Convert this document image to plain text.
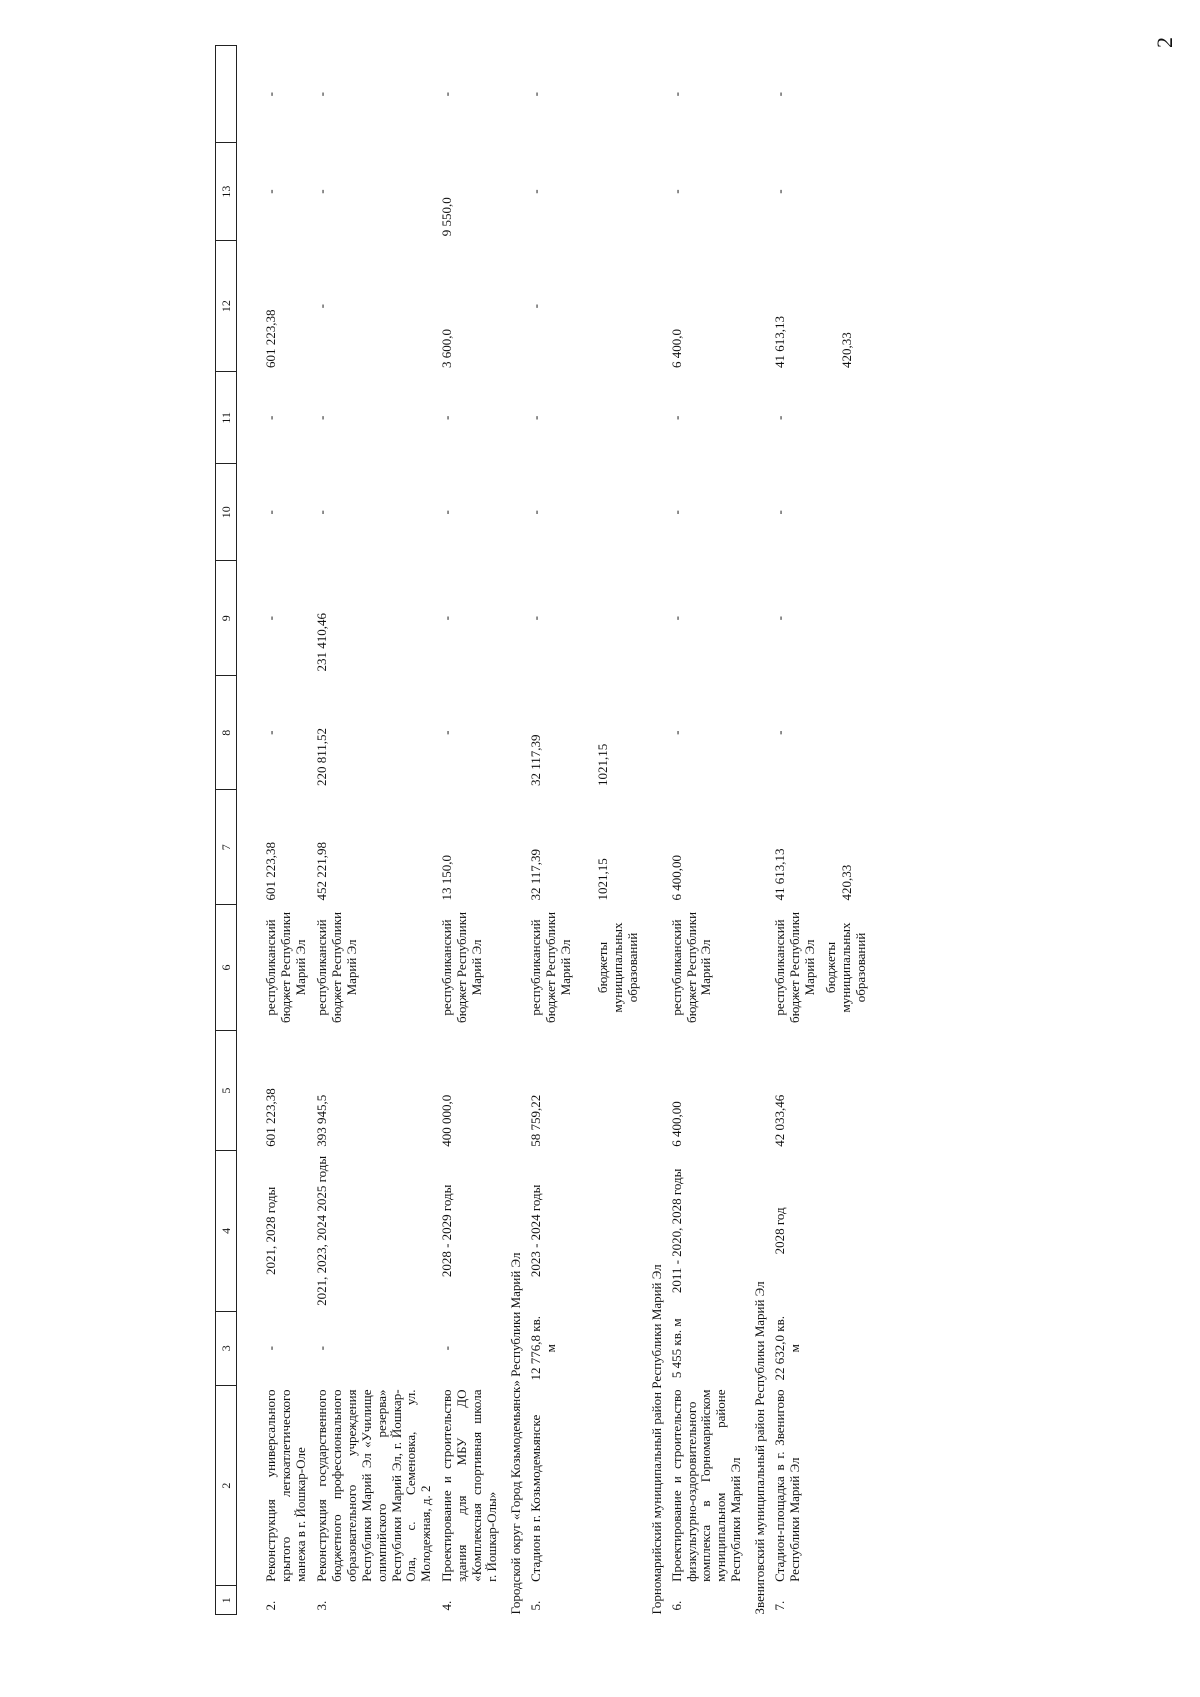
2
1	2	3	4	5	6	7	8	9	10	11	12	13	

2.	Реконструкция универсального крытого легкоатлетического манежа в г. Йошкар-Оле	-	2021, 2028 годы	601 223,38	республиканский бюджет Республики Марий Эл	601 223,38	-	-	-	-	601 223,38	-	-
3.	Реконструкция государственного бюджетного профессионального образовательного учреждения Республики Марий Эл «Училище олимпийского резерва» Республики Марий Эл, г. Йошкар-Ола, с. Семеновка, ул. Молодежная, д. 2	-	2021, 2023, 2024 2025 годы	393 945,5	республиканский бюджет Республики Марий Эл	452 221,98	220 811,52	231 410,46	-	-	-	-	-
4.	Проектирование и строительство здания для МБУ ДО «Комплексная спортивная школа г. Йошкар-Олы»	-	2028 - 2029 годы	400 000,0	республиканский бюджет Республики Марий Эл	13 150,0	-	-	-	-	3 600,0	9 550,0	-
Городской округ «Город Козьмодемьянск» Республики Марий Эл													
5.	Стадион в г. Козьмодемьянске	12 776,8 кв. м	2023 - 2024 годы	58 759,22	республиканский бюджет Республики Марий Эл бюджеты муниципальных образований	32 117,39 1021,15	32 117,39 1021,15	-	-	-	-	-	-
Горномарийский муниципальный район Республики Марий Эл													
6.	Проектирование и строительство физкультурно-оздоровительного комплекса в Горномарийском муниципальном районе Республики Марий Эл	5 455 кв. м	2011 - 2020, 2028 годы	6 400,00	республиканский бюджет Республики Марий Эл	6 400,00	-	-	-	-	6 400,0	-	-
Звениговский муниципальный район Республики Марий Эл													
7.	Стадион-площадка в г. Звенигово Республики Марий Эл	22 632,0 кв. м	2028 год	42 033,46	республиканский бюджет Республики Марий Эл бюджеты муниципальных образований	41 613,13 420,33	-	-	-	-	41 613,13 420,33	-	-
